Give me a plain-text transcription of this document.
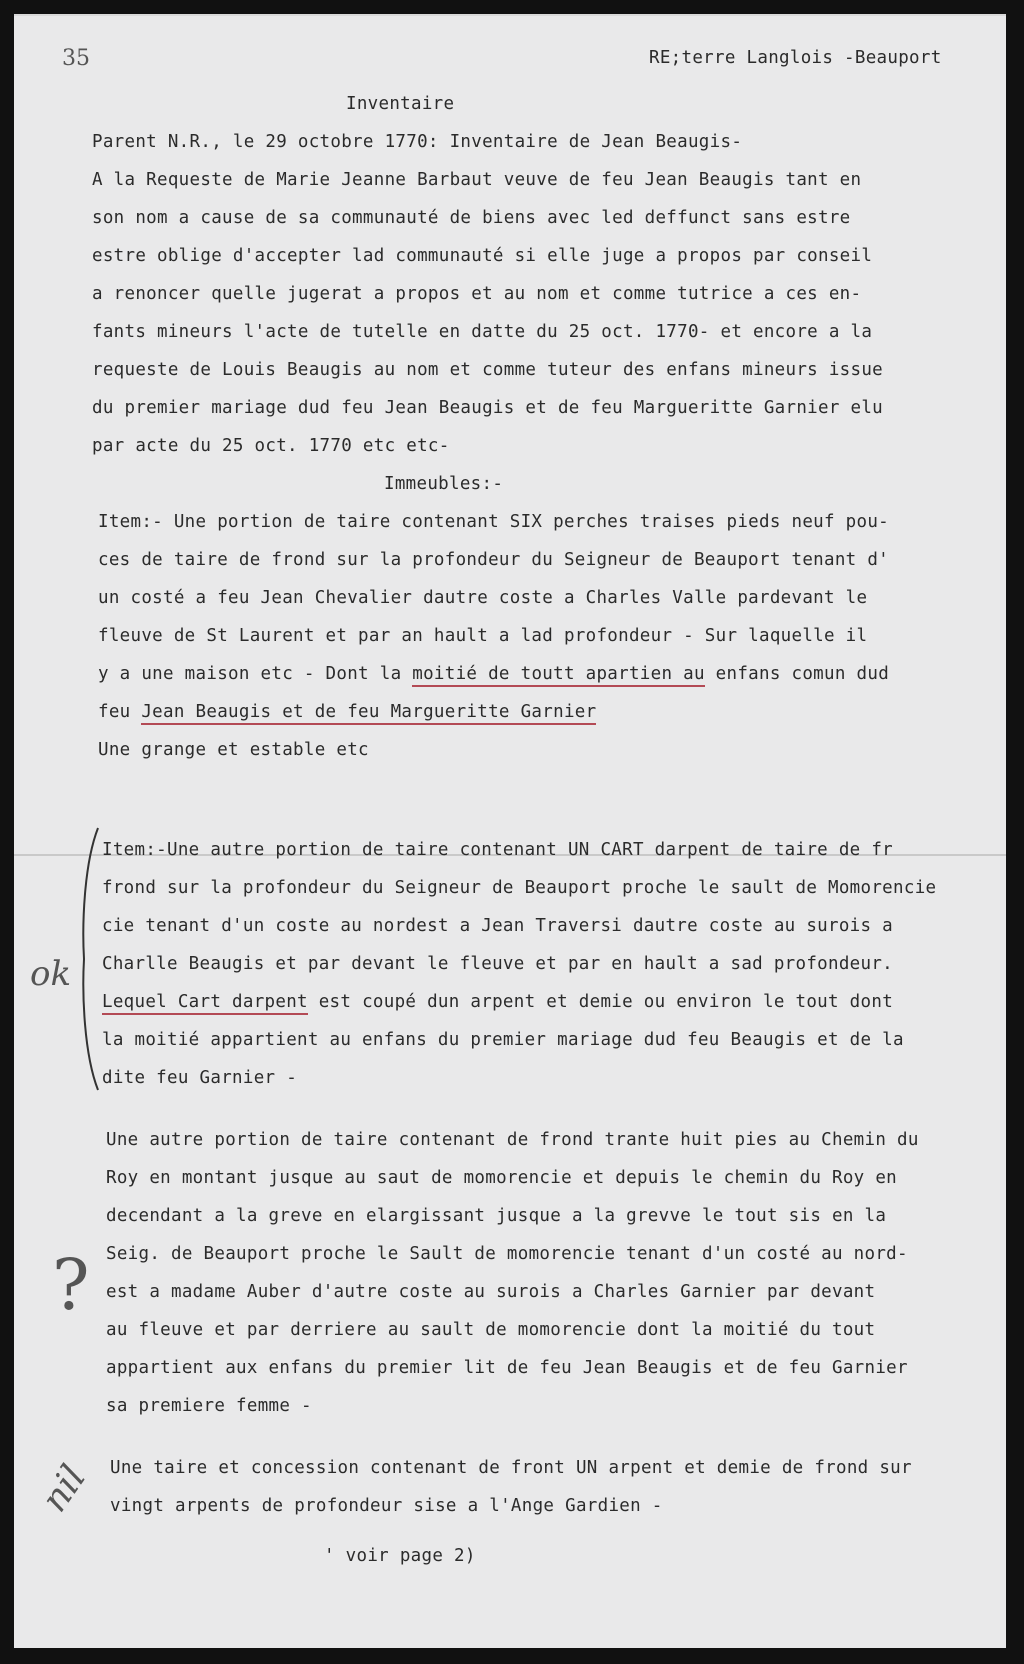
35	RE;terre Langlois -Beauport
Inventaire
Parent N.R., le 29 octobre 1770: Inventaire de Jean Beaugis-
A la Requeste de Marie Jeanne Barbaut veuve de feu Jean Beaugis tant en
son nom a cause de sa communauté de biens avec led deffunct sans estre
estre oblige d'accepter lad communauté si elle juge a propos par conseil
a renoncer quelle jugerat a propos et au nom et comme tutrice a ces en-
fants mineurs l'acte de tutelle en datte du 25 oct. 1770- et encore a la
requeste de Louis Beaugis au nom et comme tuteur des enfans mineurs issue
du premier mariage dud feu Jean Beaugis et de feu Margueritte Garnier elu
par acte du 25 oct. 1770 etc etc-
Immeubles:-
Item:- Une portion de taire contenant SIX perches traises pieds neuf pou-
ces de taire de frond sur la profondeur du Seigneur de Beauport tenant d'
un costé a feu Jean Chevalier dautre coste a Charles Valle pardevant le
fleuve de St Laurent et par an hault a lad profondeur - Sur laquelle il
y a une maison etc - Dont la moitié de toutt apartien au enfans comun dud
feu Jean Beaugis et de feu Margueritte Garnier
Une grange et estable etc
Item:-Une autre portion de taire contenant UN CART darpent de taire de fr
frond sur la profondeur du Seigneur de Beauport proche le sault de Momorencie
cie tenant d'un coste au nordest a Jean Traversi dautre coste au surois a
Charlle Beaugis et par devant le fleuve et par en hault a sad profondeur.
Lequel Cart darpent est coupé dun arpent et demie ou environ le tout dont
la moitié appartient au enfans du premier mariage dud feu Beaugis et de la
dite feu Garnier -
ok
Une autre portion de taire contenant de frond trante huit pies au Chemin du
Roy en montant jusque au saut de momorencie et depuis le chemin du Roy en
decendant a la greve en elargissant jusque a la grevve le tout sis en la
Seig. de Beauport proche le Sault de momorencie tenant d'un costé au nord-
est a madame Auber d'autre coste au surois a Charles Garnier par devant
au fleuve et par derriere au sault de momorencie dont la moitié du tout
appartient aux enfans du premier lit de feu Jean Beaugis et de feu Garnier
sa premiere femme -
?
Une taire et concession contenant de front UN arpent et demie de frond sur
vingt arpents de profondeur sise a l'Ange Gardien -
nil
' voir page 2)
